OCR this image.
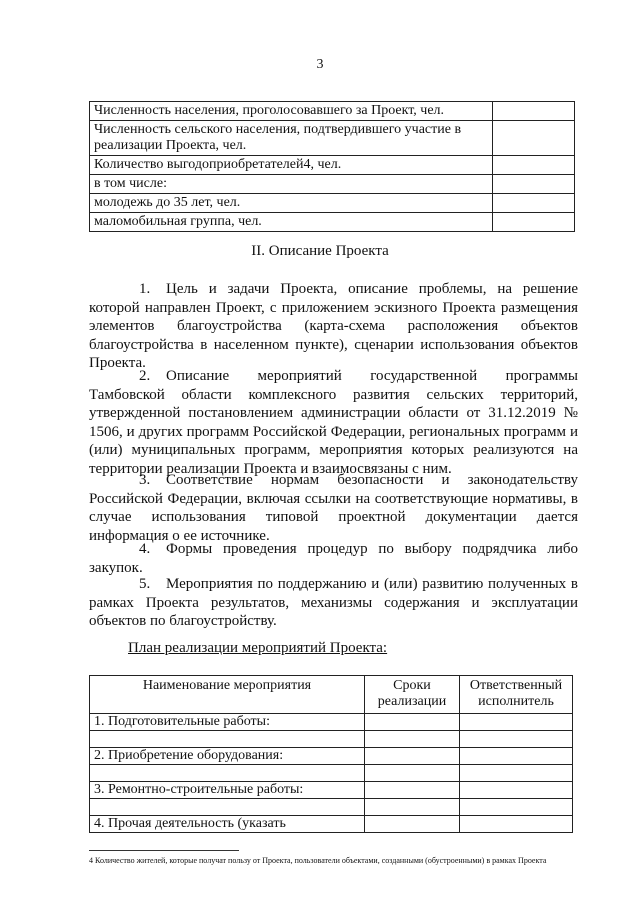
3
Численность населения, проголосовавшего за Проект, чел.	
Численность сельского населения, подтвердившего участие в реализации Проекта, чел.	
Количество выгодоприобретателей4, чел.	
в том числе:	
молодежь до 35 лет, чел.	
маломобильная группа, чел.	
II. Описание Проекта
1. Цель и задачи Проекта, описание проблемы, на решение которой направлен Проект, с приложением эскизного Проекта размещения элементов благоустройства (карта-схема расположения объектов благоустройства в населенном пункте), сценарии использования объектов Проекта.
2. Описание мероприятий государственной программы Тамбовской области комплексного развития сельских территорий, утвержденной постановлением администрации области от 31.12.2019 № 1506, и других программ Российской Федерации, региональных программ и (или) муниципальных программ, мероприятия которых реализуются на территории реализации Проекта и взаимосвязаны с ним.
3. Соответствие нормам безопасности и законодательству Российской Федерации, включая ссылки на соответствующие нормативы, в случае использования типовой проектной документации дается информация о ее источнике.
4. Формы проведения процедур по выбору подрядчика либо закупок.
5. Мероприятия по поддержанию и (или) развитию полученных в рамках Проекта результатов, механизмы содержания и эксплуатации объектов по благоустройству.
План реализации мероприятий Проекта:
Наименование мероприятия	Сроки реализации	Ответственный исполнитель
1. Подготовительные работы:		

2. Приобретение оборудования:		

3. Ремонтно-строительные работы:		

4. Прочая деятельность (указать		
4 Количество жителей, которые получат пользу от Проекта, пользователи объектами, созданными (обустроенными) в рамках Проекта
